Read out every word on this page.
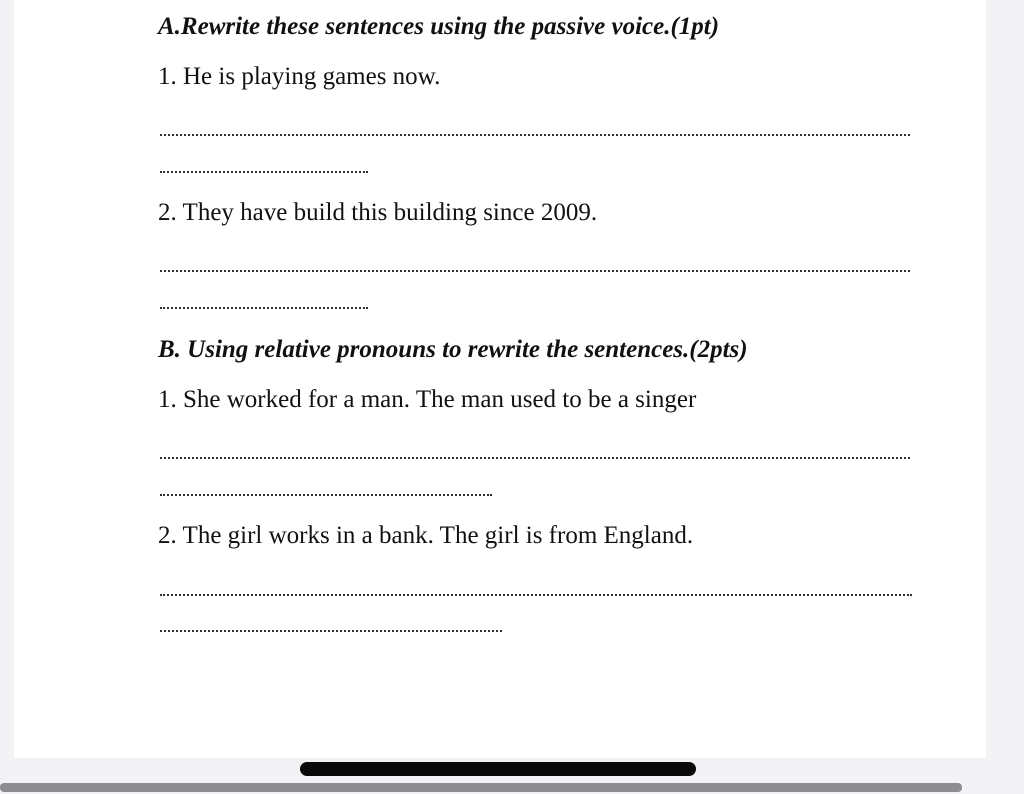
A.Rewrite these sentences using the passive voice.(1pt)
1. He is playing games now.
2. They have build this building since 2009.
B. Using relative pronouns to rewrite the sentences.(2pts)
1. She worked for a man. The man used to be a singer
2. The girl works in a bank. The girl is from England.
